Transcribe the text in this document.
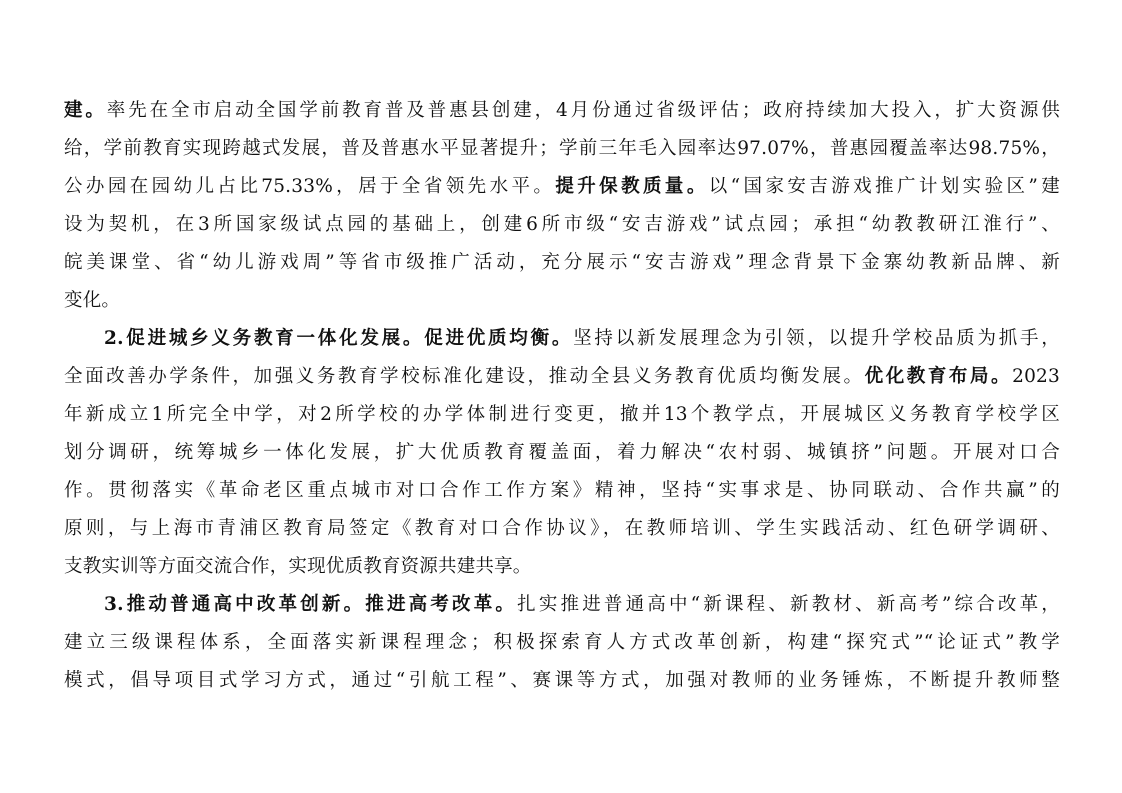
建。率先在全市启动全国学前教育普及普惠县创建，4月份通过省级评估；政府持续加大投入，扩大资源供
给，学前教育实现跨越式发展，普及普惠水平显著提升；学前三年毛入园率达97.07%，普惠园覆盖率达98.75%，
公办园在园幼儿占比75.33%，居于全省领先水平。提升保教质量。以“国家安吉游戏推广计划实验区”建
设为契机，在3所国家级试点园的基础上，创建6所市级“安吉游戏”试点园；承担“幼教教研江淮行”、
皖美课堂、省“幼儿游戏周”等省市级推广活动，充分展示“安吉游戏”理念背景下金寨幼教新品牌、新
变化。
2.促进城乡义务教育一体化发展。促进优质均衡。坚持以新发展理念为引领，以提升学校品质为抓手，
全面改善办学条件，加强义务教育学校标准化建设，推动全县义务教育优质均衡发展。优化教育布局。2023
年新成立1所完全中学，对2所学校的办学体制进行变更，撤并13个教学点，开展城区义务教育学校学区
划分调研，统筹城乡一体化发展，扩大优质教育覆盖面，着力解决“农村弱、城镇挤”问题。开展对口合
作。贯彻落实《革命老区重点城市对口合作工作方案》精神，坚持“实事求是、协同联动、合作共赢”的
原则，与上海市青浦区教育局签定《教育对口合作协议》，在教师培训、学生实践活动、红色研学调研、
支教实训等方面交流合作，实现优质教育资源共建共享。
3.推动普通高中改革创新。推进高考改革。扎实推进普通高中“新课程、新教材、新高考”综合改革，
建立三级课程体系，全面落实新课程理念；积极探索育人方式改革创新，构建“探究式”“论证式”教学
模式，倡导项目式学习方式，通过“引航工程”、赛课等方式，加强对教师的业务锤炼，不断提升教师整
